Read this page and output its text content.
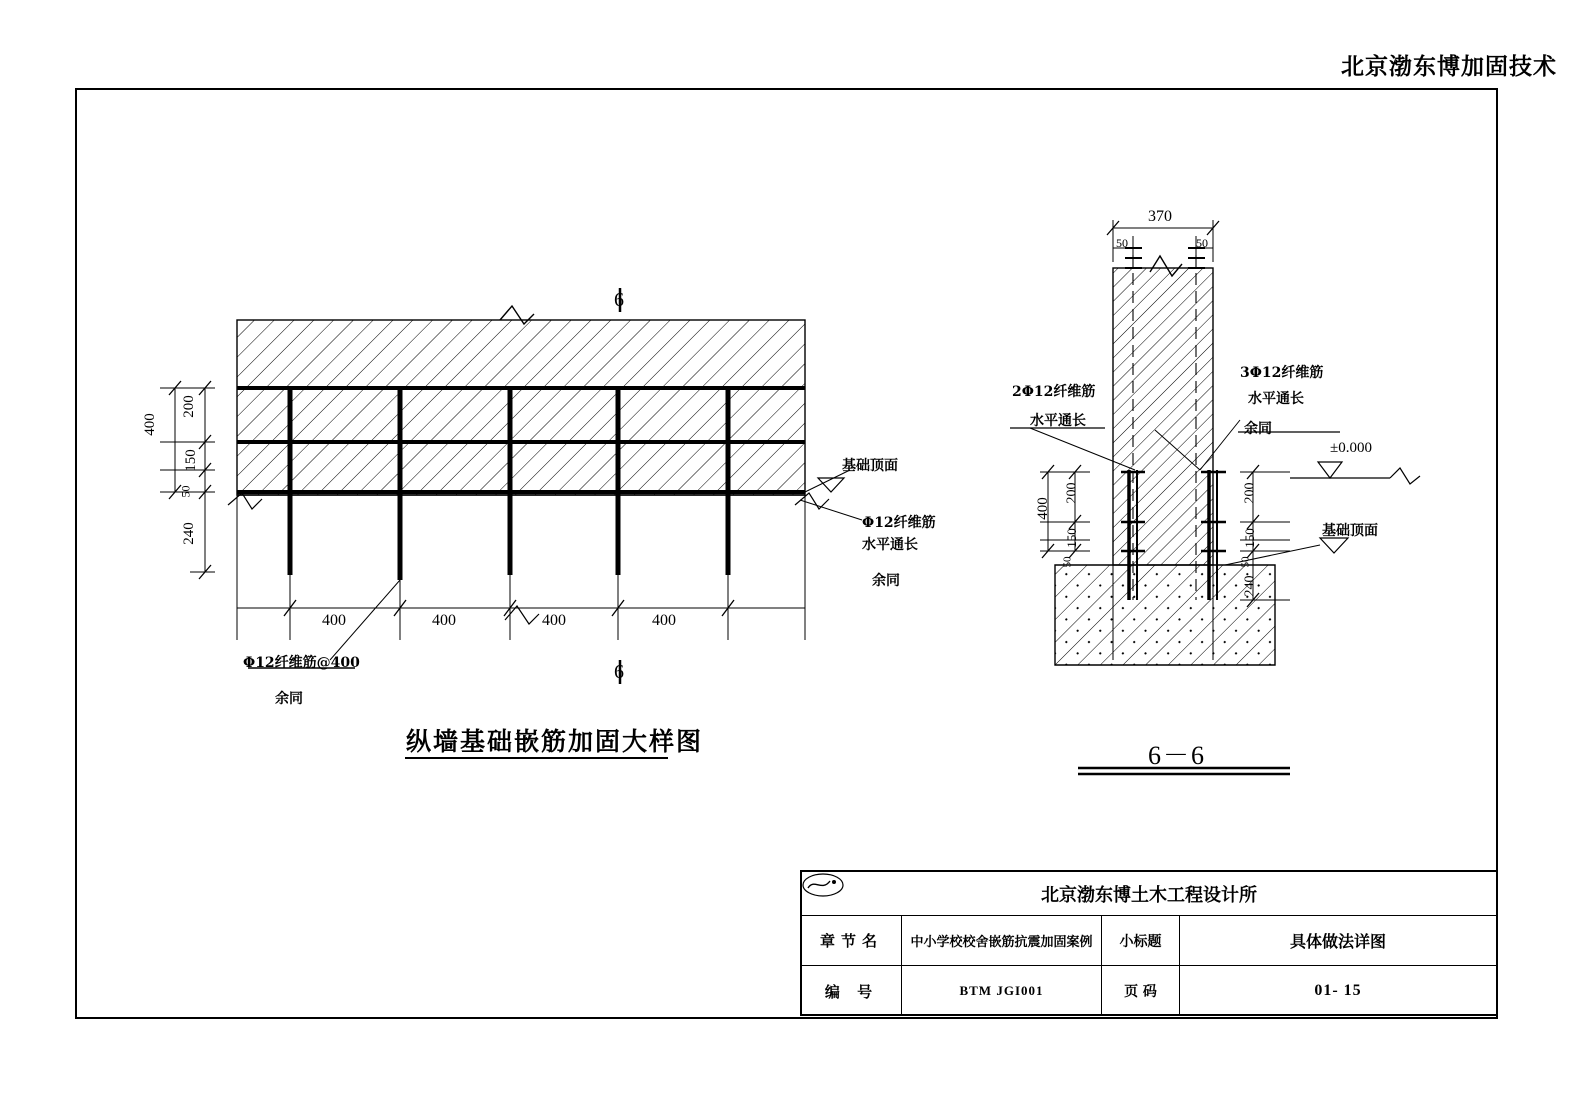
北京渤东博加固技术
6
6
400
200
150
50
240
400	400	400	400
基础顶面
Φ12纤维筋
水平通长
余同
Φ12纤维筋@400
余同
纵墙基础嵌筋加固大样图
370
50	50
2Φ12纤维筋
水平通长
3Φ12纤维筋
水平通长
余同
±0.000
基础顶面
400
200
150
50
200
150
50
240
6－6
北京渤东博土木工程设计所
章节名	中小学校校舍嵌筋抗震加固案例	小标题	具体做法详图
编 号	BTM JGI001	页 码	01- 15
